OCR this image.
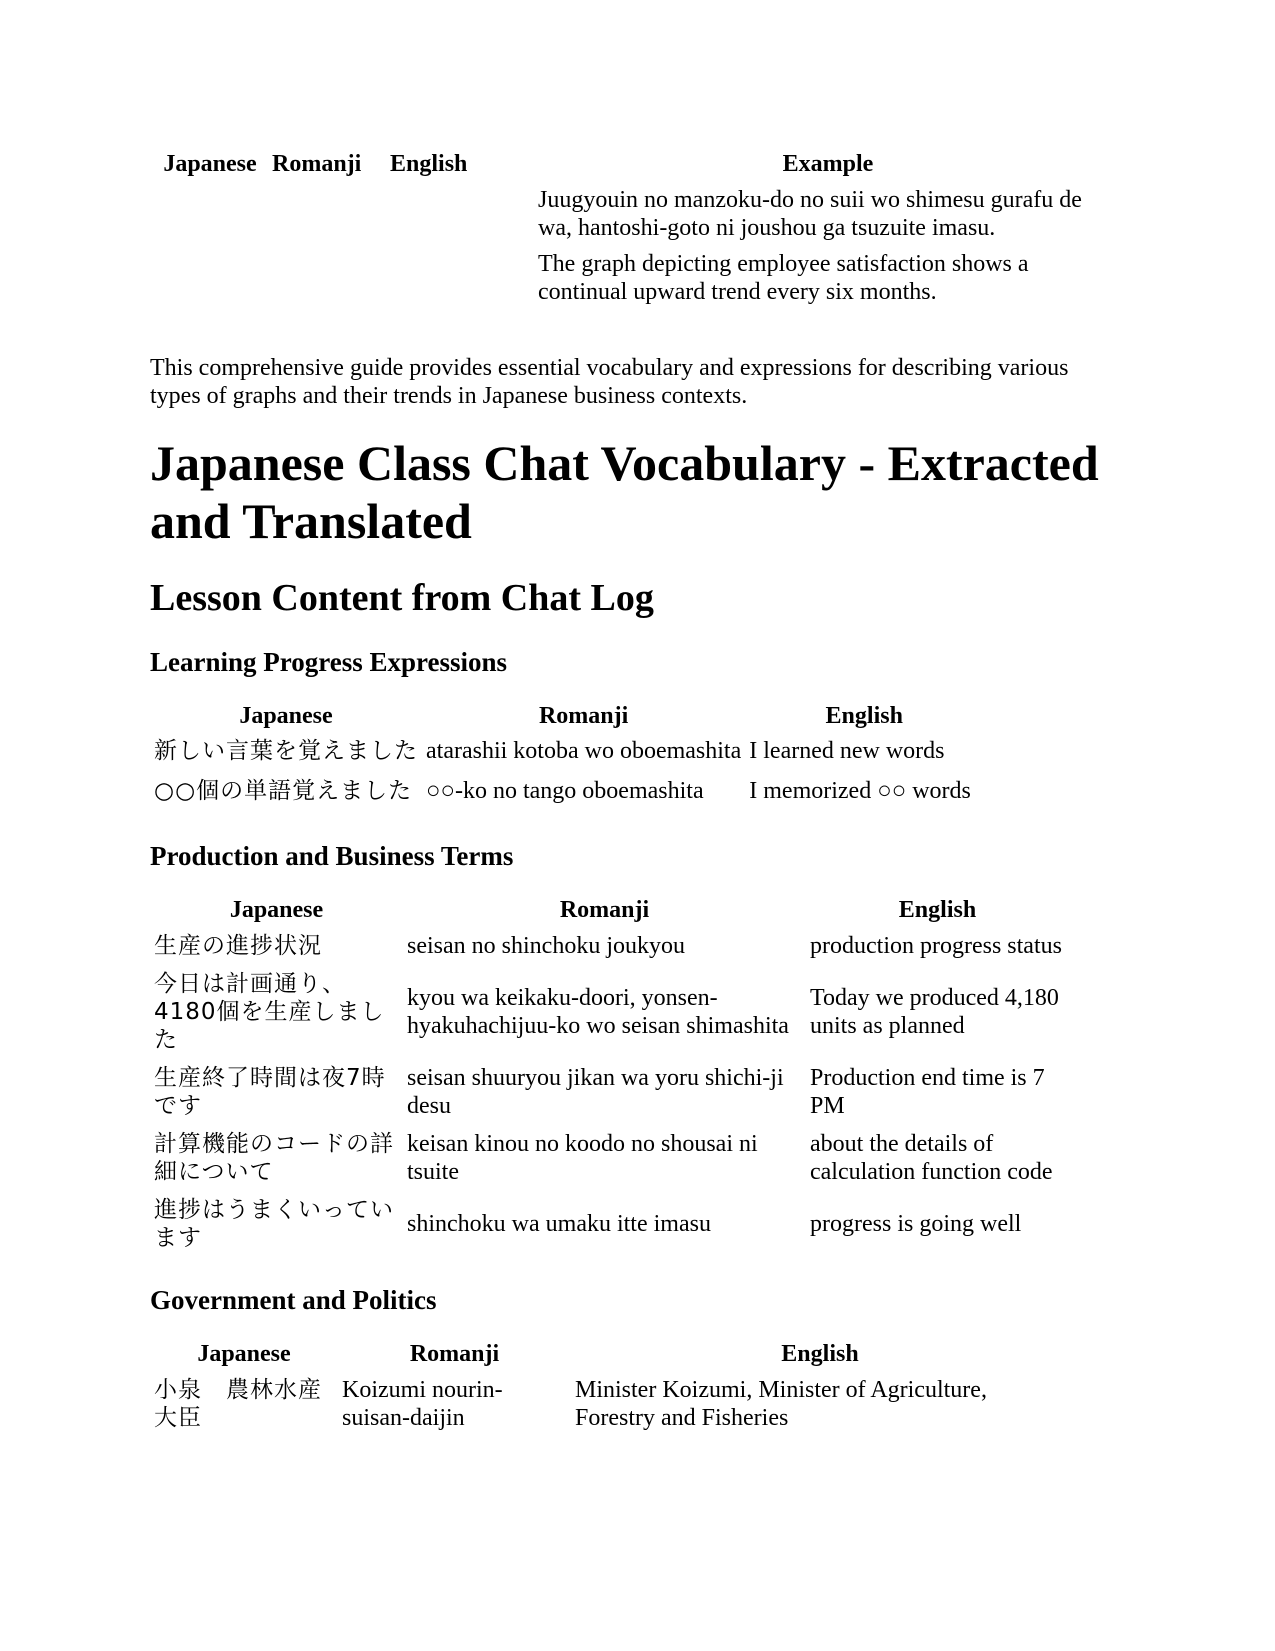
Japanese	Romanji	English	Example

			Juugyouin no manzoku-do no suii wo shimesu gurafu de wa, hantoshi-goto ni joushou ga tsuzuite imasu.

The graph depicting employee satisfaction shows a continual upward trend every six months.

This comprehensive guide provides essential vocabulary and expressions for describing various types of graphs and their trends in Japanese business contexts.

Japanese Class Chat Vocabulary - Extracted and Translated
Lesson Content from Chat Log
Learning Progress Expressions
Japanese	Romanji	English
新しい言葉を覚えました	atarashii kotoba wo oboemashita	I learned new words
○○個の単語覚えました	○○-ko no tango oboemashita	I memorized ○○ words
Production and Business Terms
Japanese	Romanji	English
生産の進捗状況	seisan no shinchoku joukyou	production progress status
今日は計画通り、4180個を生産しました	kyou wa keikaku-doori, yonsen-hyakuhachijuu-ko wo seisan shimashita	Today we produced 4,180 units as planned
生産終了時間は夜7時です	seisan shuuryou jikan wa yoru shichi-ji desu	Production end time is 7 PM
計算機能のコードの詳細について	keisan kinou no koodo no shousai ni tsuite	about the details of calculation function code
進捗はうまくいっています	shinchoku wa umaku itte imasu	progress is going well
Government and Politics
Japanese	Romanji	English
小泉　農林水産大臣	Koizumi nourin-suisan-daijin	Minister Koizumi, Minister of Agriculture, Forestry and Fisheries
